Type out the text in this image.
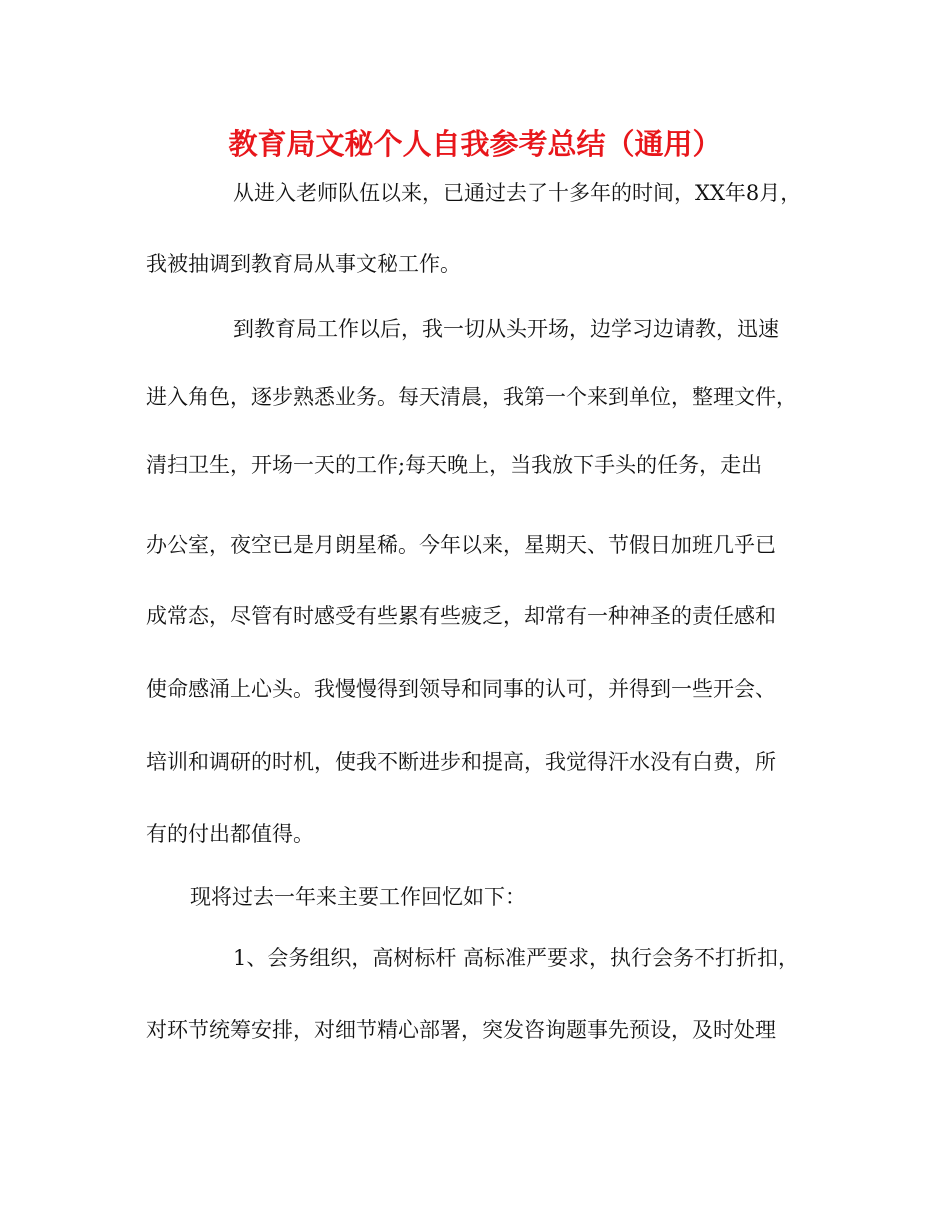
教育局文秘个人自我参考总结（通用）
从进入老师队伍以来，已通过去了十多年的时间，XX年8月，
我被抽调到教育局从事文秘工作。
到教育局工作以后，我一切从头开场，边学习边请教，迅速
进入角色，逐步熟悉业务。每天清晨，我第一个来到单位，整理文件，
清扫卫生，开场一天的工作;每天晚上，当我放下手头的任务，走出
办公室，夜空已是月朗星稀。今年以来，星期天、节假日加班几乎已
成常态，尽管有时感受有些累有些疲乏，却常有一种神圣的责任感和
使命感涌上心头。我慢慢得到领导和同事的认可，并得到一些开会、
培训和调研的时机，使我不断进步和提高，我觉得汗水没有白费，所
有的付出都值得。
现将过去一年来主要工作回忆如下：
1、会务组织，高树标杆 高标准严要求，执行会务不打折扣，
对环节统筹安排，对细节精心部署，突发咨询题事先预设，及时处理
